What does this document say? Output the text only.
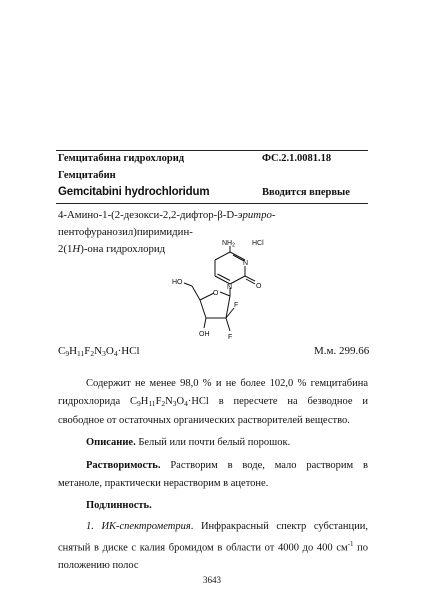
Гемцитабина гидрохлорид	ФС.2.1.0081.18
Гемцитабин
Gemcitabini hydrochloridum	Вводится впервые
4-Амино-1-(2-дезокси-2,2-дифтор-β-D-эритро-пентофуранозил)пиримидин-
2(1Н)-она гидрохлорид	$NH_2$ HCl
N
N	O
O
HO
OH
F
F
$C_9H_{11}F_2N_3O_4\cdot HCl$	М.м. 299.66
Содержит не менее 98,0 % и не более 102,0 % гемцитабина гидрохлорида $C_9H_{11}F_2N_3O_4\cdot HCl$ в пересчете на безводное и свободное от остаточных органических растворителей вещество.
Описание. Белый или почти белый порошок.
Растворимость. Растворим в воде, мало растворим в метаноле, практически нерастворим в ацетоне.
Подлинность.
1. ИК-спектрометрия. Инфракрасный спектр субстанции, снятый в диске с калия бромидом в области от 4000 до 400 $см^{-1}$ по положению полос
3643
